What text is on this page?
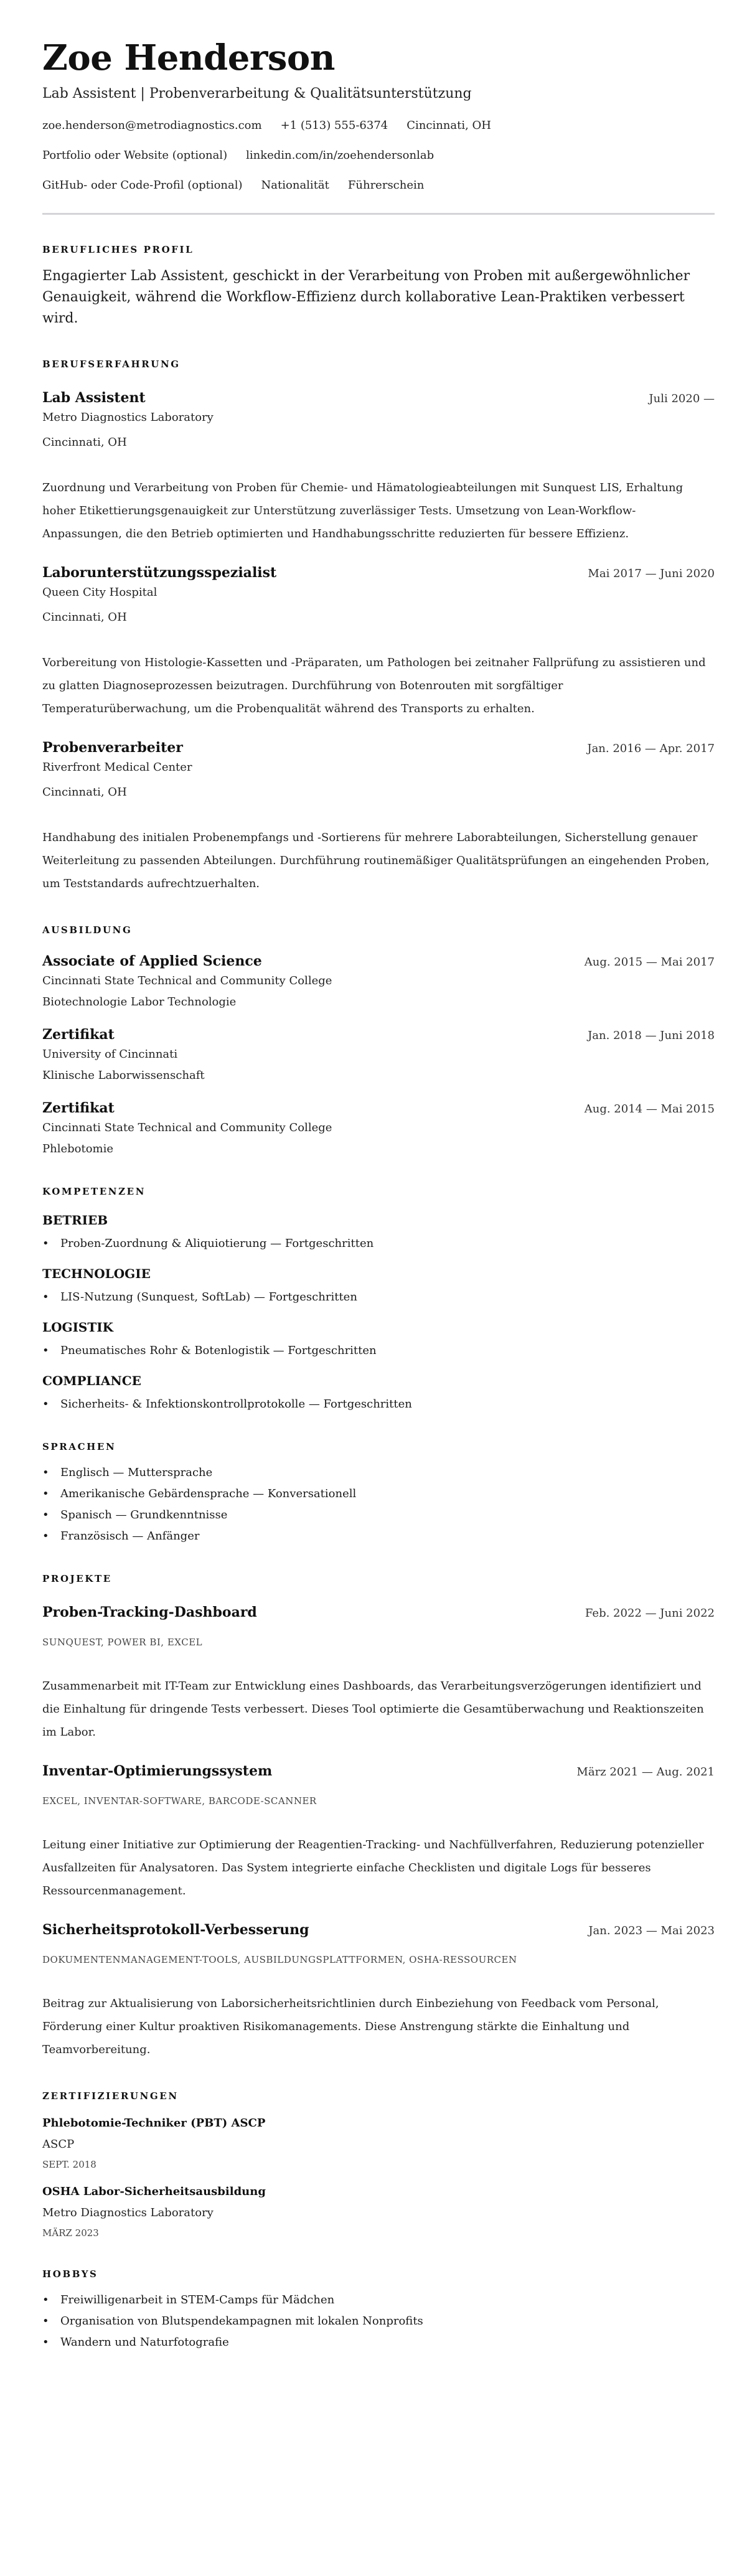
Zoe Henderson
Lab Assistent | Probenverarbeitung & Qualitätsunterstützung
zoe.henderson@metrodiagnostics.com +1 (513) 555-6374 Cincinnati, OH
Portfolio oder Website (optional) linkedin.com/in/zoehendersonlab
GitHub- oder Code-Profil (optional) Nationalität Führerschein
BERUFLICHES PROFIL

Engagierter Lab Assistent, geschickt in der Verarbeitung von Proben mit außergewöhnlicher Genauigkeit, während die Workflow-Effizienz durch kollaborative Lean-Praktiken verbessert wird.

BERUFSERFAHRUNG
Lab Assistent	Juli 2020 —
Metro Diagnostics Laboratory
Cincinnati, OH
Zuordnung und Verarbeitung von Proben für Chemie- und Hämatologieabteilungen mit Sunquest LIS, Erhaltung hoher Etikettierungsgenauigkeit zur Unterstützung zuverlässiger Tests. Umsetzung von Lean-Workflow-Anpassungen, die den Betrieb optimierten und Handhabungsschritte reduzierten für bessere Effizienz.
Laborunterstützungsspezialist	Mai 2017 — Juni 2020
Queen City Hospital
Cincinnati, OH
Vorbereitung von Histologie-Kassetten und -Präparaten, um Pathologen bei zeitnaher Fallprüfung zu assistieren und zu glatten Diagnoseprozessen beizutragen. Durchführung von Botenrouten mit sorgfältiger Temperaturüberwachung, um die Probenqualität während des Transports zu erhalten.
Probenverarbeiter	Jan. 2016 — Apr. 2017
Riverfront Medical Center
Cincinnati, OH
Handhabung des initialen Probenempfangs und -Sortierens für mehrere Laborabteilungen, Sicherstellung genauer Weiterleitung zu passenden Abteilungen. Durchführung routinemäßiger Qualitätsprüfungen an eingehenden Proben, um Teststandards aufrechtzuerhalten.
AUSBILDUNG
Associate of Applied Science	Aug. 2015 — Mai 2017
Cincinnati State Technical and Community College
Biotechnologie Labor Technologie
Zertifikat	Jan. 2018 — Juni 2018
University of Cincinnati
Klinische Laborwissenschaft
Zertifikat	Aug. 2014 — Mai 2015
Cincinnati State Technical and Community College
Phlebotomie
KOMPETENZEN
BETRIEB
• Proben-Zuordnung & Aliquiotierung — Fortgeschritten
TECHNOLOGIE
• LIS-Nutzung (Sunquest, SoftLab) — Fortgeschritten
LOGISTIK
• Pneumatisches Rohr & Botenlogistik — Fortgeschritten
COMPLIANCE
• Sicherheits- & Infektionskontrollprotokolle — Fortgeschritten
SPRACHEN
• Englisch — Muttersprache
• Amerikanische Gebärdensprache — Konversationell
• Spanisch — Grundkenntnisse
• Französisch — Anfänger
PROJEKTE
Proben-Tracking-Dashboard	Feb. 2022 — Juni 2022
SUNQUEST, POWER BI, EXCEL
Zusammenarbeit mit IT-Team zur Entwicklung eines Dashboards, das Verarbeitungsverzögerungen identifiziert und die Einhaltung für dringende Tests verbessert. Dieses Tool optimierte die Gesamtüberwachung und Reaktionszeiten im Labor.
Inventar-Optimierungssystem	März 2021 — Aug. 2021
EXCEL, INVENTAR-SOFTWARE, BARCODE-SCANNER
Leitung einer Initiative zur Optimierung der Reagentien-Tracking- und Nachfüllverfahren, Reduzierung potenzieller Ausfallzeiten für Analysatoren. Das System integrierte einfache Checklisten und digitale Logs für besseres Ressourcenmanagement.
Sicherheitsprotokoll-Verbesserung	Jan. 2023 — Mai 2023
DOKUMENTENMANAGEMENT-TOOLS, AUSBILDUNGSPLATTFORMEN, OSHA-RESSOURCEN
Beitrag zur Aktualisierung von Laborsicherheitsrichtlinien durch Einbeziehung von Feedback vom Personal, Förderung einer Kultur proaktiven Risikomanagements. Diese Anstrengung stärkte die Einhaltung und Teamvorbereitung.
ZERTIFIZIERUNGEN
Phlebotomie-Techniker (PBT) ASCP
ASCP
SEPT. 2018
OSHA Labor-Sicherheitsausbildung
Metro Diagnostics Laboratory
MÄRZ 2023
HOBBYS
• Freiwilligenarbeit in STEM-Camps für Mädchen
• Organisation von Blutspendekampagnen mit lokalen Nonprofits
• Wandern und Naturfotografie
